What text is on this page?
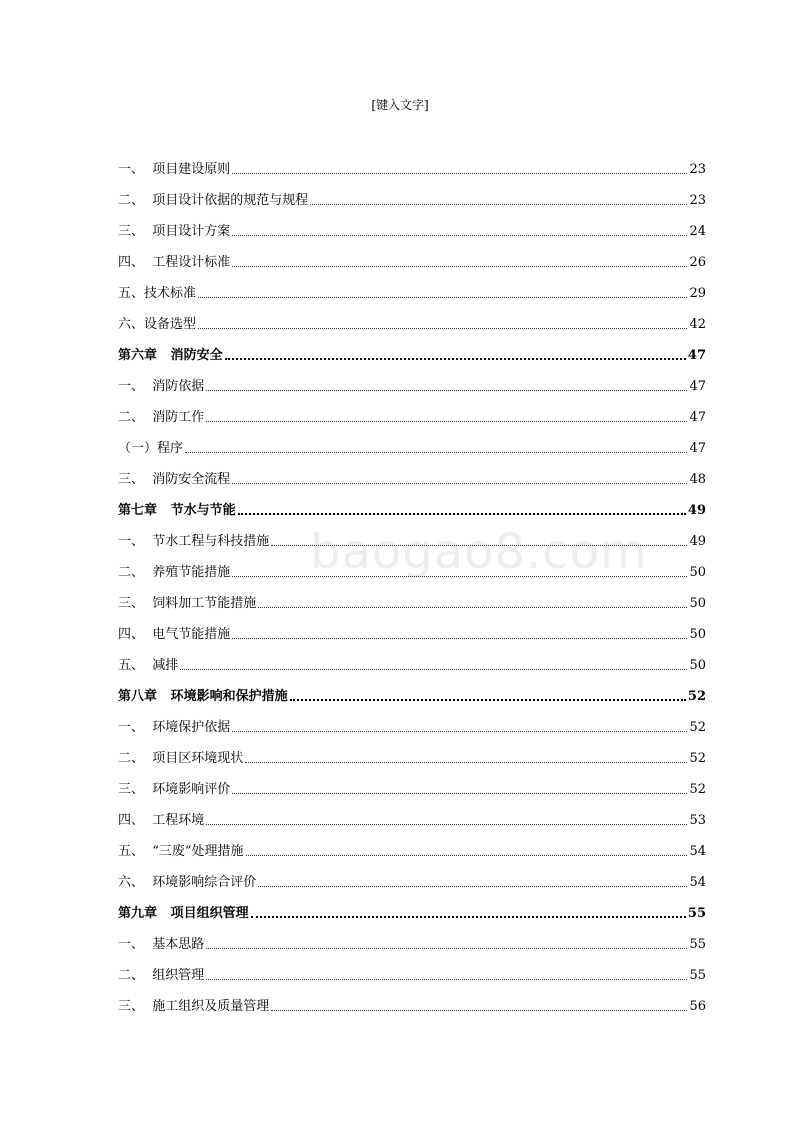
[键入文字]
baogao8.com
一、  项目建设原则	23
二、  项目设计依据的规范与规程	23
三、  项目设计方案	24
四、  工程设计标准	26
五、技术标准	29
六、设备选型	42
第六章   消防安全	47
一、  消防依据	47
二、  消防工作	47
（一）程序	47
三、  消防安全流程	48
第七章   节水与节能	49
一、  节水工程与科技措施	49
二、  养殖节能措施	50
三、  饲料加工节能措施	50
四、  电气节能措施	50
五、  减排	50
第八章   环境影响和保护措施	52
一、  环境保护依据	52
二、  项目区环境现状	52
三、  环境影响评价	52
四、  工程环境	53
五、  “三废”处理措施	54
六、  环境影响综合评价	54
第九章   项目组织管理	55
一、  基本思路	55
二、  组织管理	55
三、  施工组织及质量管理	56
